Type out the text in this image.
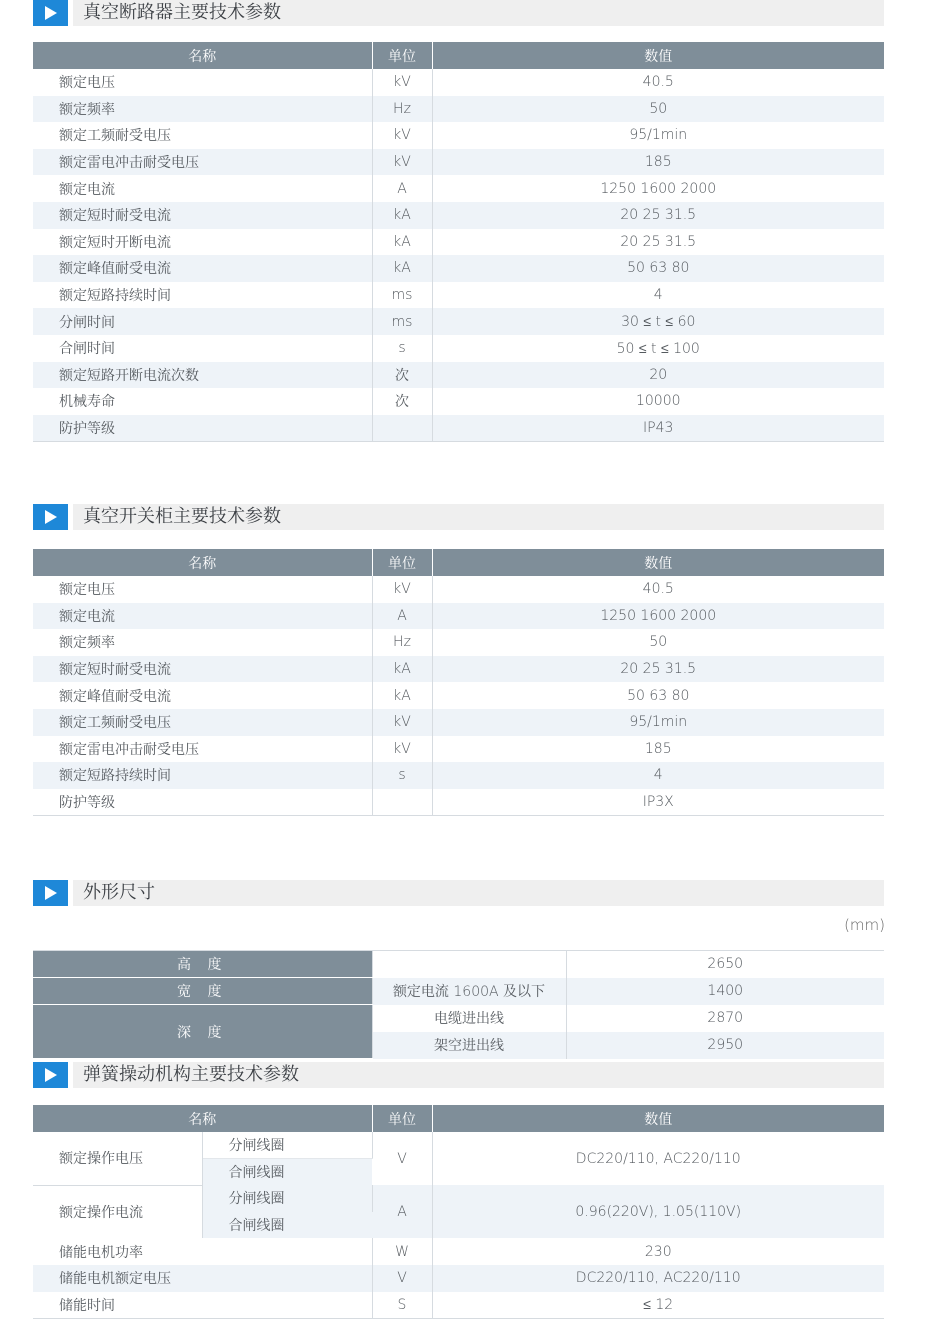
真空断路器主要技术参数
名称	单位	数值
额定电压	kV	40.5
额定频率	Hz	50
额定工频耐受电压	kV	95/1min
额定雷电冲击耐受电压	kV	185
额定电流	A	1250 1600 2000
额定短时耐受电流	kA	20 25 31.5
额定短时开断电流	kA	20 25 31.5
额定峰值耐受电流	kA	50 63 80
额定短路持续时间	ms	4
分闸时间	ms	30 ≤ t ≤ 60
合闸时间	s	50 ≤ t ≤ 100
额定短路开断电流次数	次	20
机械寿命	次	10000
防护等级		IP43
真空开关柜主要技术参数
名称	单位	数值
额定电压	kV	40.5
额定电流	A	1250 1600 2000
额定频率	Hz	50
额定短时耐受电流	kA	20 25 31.5
额定峰值耐受电流	kA	50 63 80
额定工频耐受电压	kV	95/1min
额定雷电冲击耐受电压	kV	185
额定短路持续时间	s	4
防护等级		IP3X
外形尺寸
(mm)
高 度		2650
宽 度	额定电流 1600A 及以下	1400
深 度	电缆进出线	2870
	架空进出线	2950
弹簧操动机构主要技术参数
名称		单位	数值
额定操作电压	分闸线圈	V	DC220/110, AC220/110
	合闸线圈		
额定操作电流	分闸线圈	A	0.96(220V), 1.05(110V)
	合闸线圈		
储能电机功率		W	230
储能电机额定电压		V	DC220/110, AC220/110
储能时间		S	≤ 12
